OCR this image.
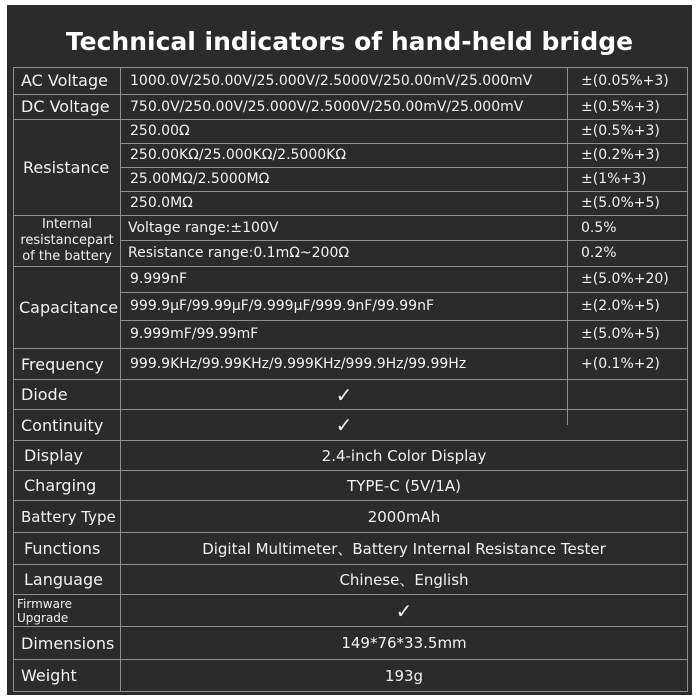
Technical indicators of hand-held bridge
AC Voltage 1000.0V/250.00V/25.000V/2.5000V/250.00mV/25.000mV	±(0.05%+3)
DC Voltage 750.0V/250.00V/25.000V/2.5000V/250.00mV/25.000mV	±(0.5%+3)
Resistance
250.00Ω	±(0.5%+3)
250.00KΩ/25.000KΩ/2.5000KΩ	±(0.2%+3)
25.00MΩ/2.5000MΩ	±(1%+3)
250.0MΩ	±(5.0%+5)
Internal resistancepart of the battery
Voltage range:±100V	0.5%
Resistance range:0.1mΩ~200Ω	0.2%
Capacitance
9.999nF	±(5.0%+20)
999.9μF/99.99μF/9.999μF/999.9nF/99.99nF	±(2.0%+5)
9.999mF/99.99mF	±(5.0%+5)
Frequency 999.9KHz/99.99KHz/9.999KHz/999.9Hz/99.99Hz	+(0.1%+2)
Diode	✓
Continuity	✓
Display	2.4-inch Color Display
Charging	TYPE-C (5V/1A)
Battery Type	2000mAh
Functions	Digital Multimeter、Battery Internal Resistance Tester
Language	Chinese、English
Firmware Upgrade	✓
Dimensions	149*76*33.5mm
Weight	193g
